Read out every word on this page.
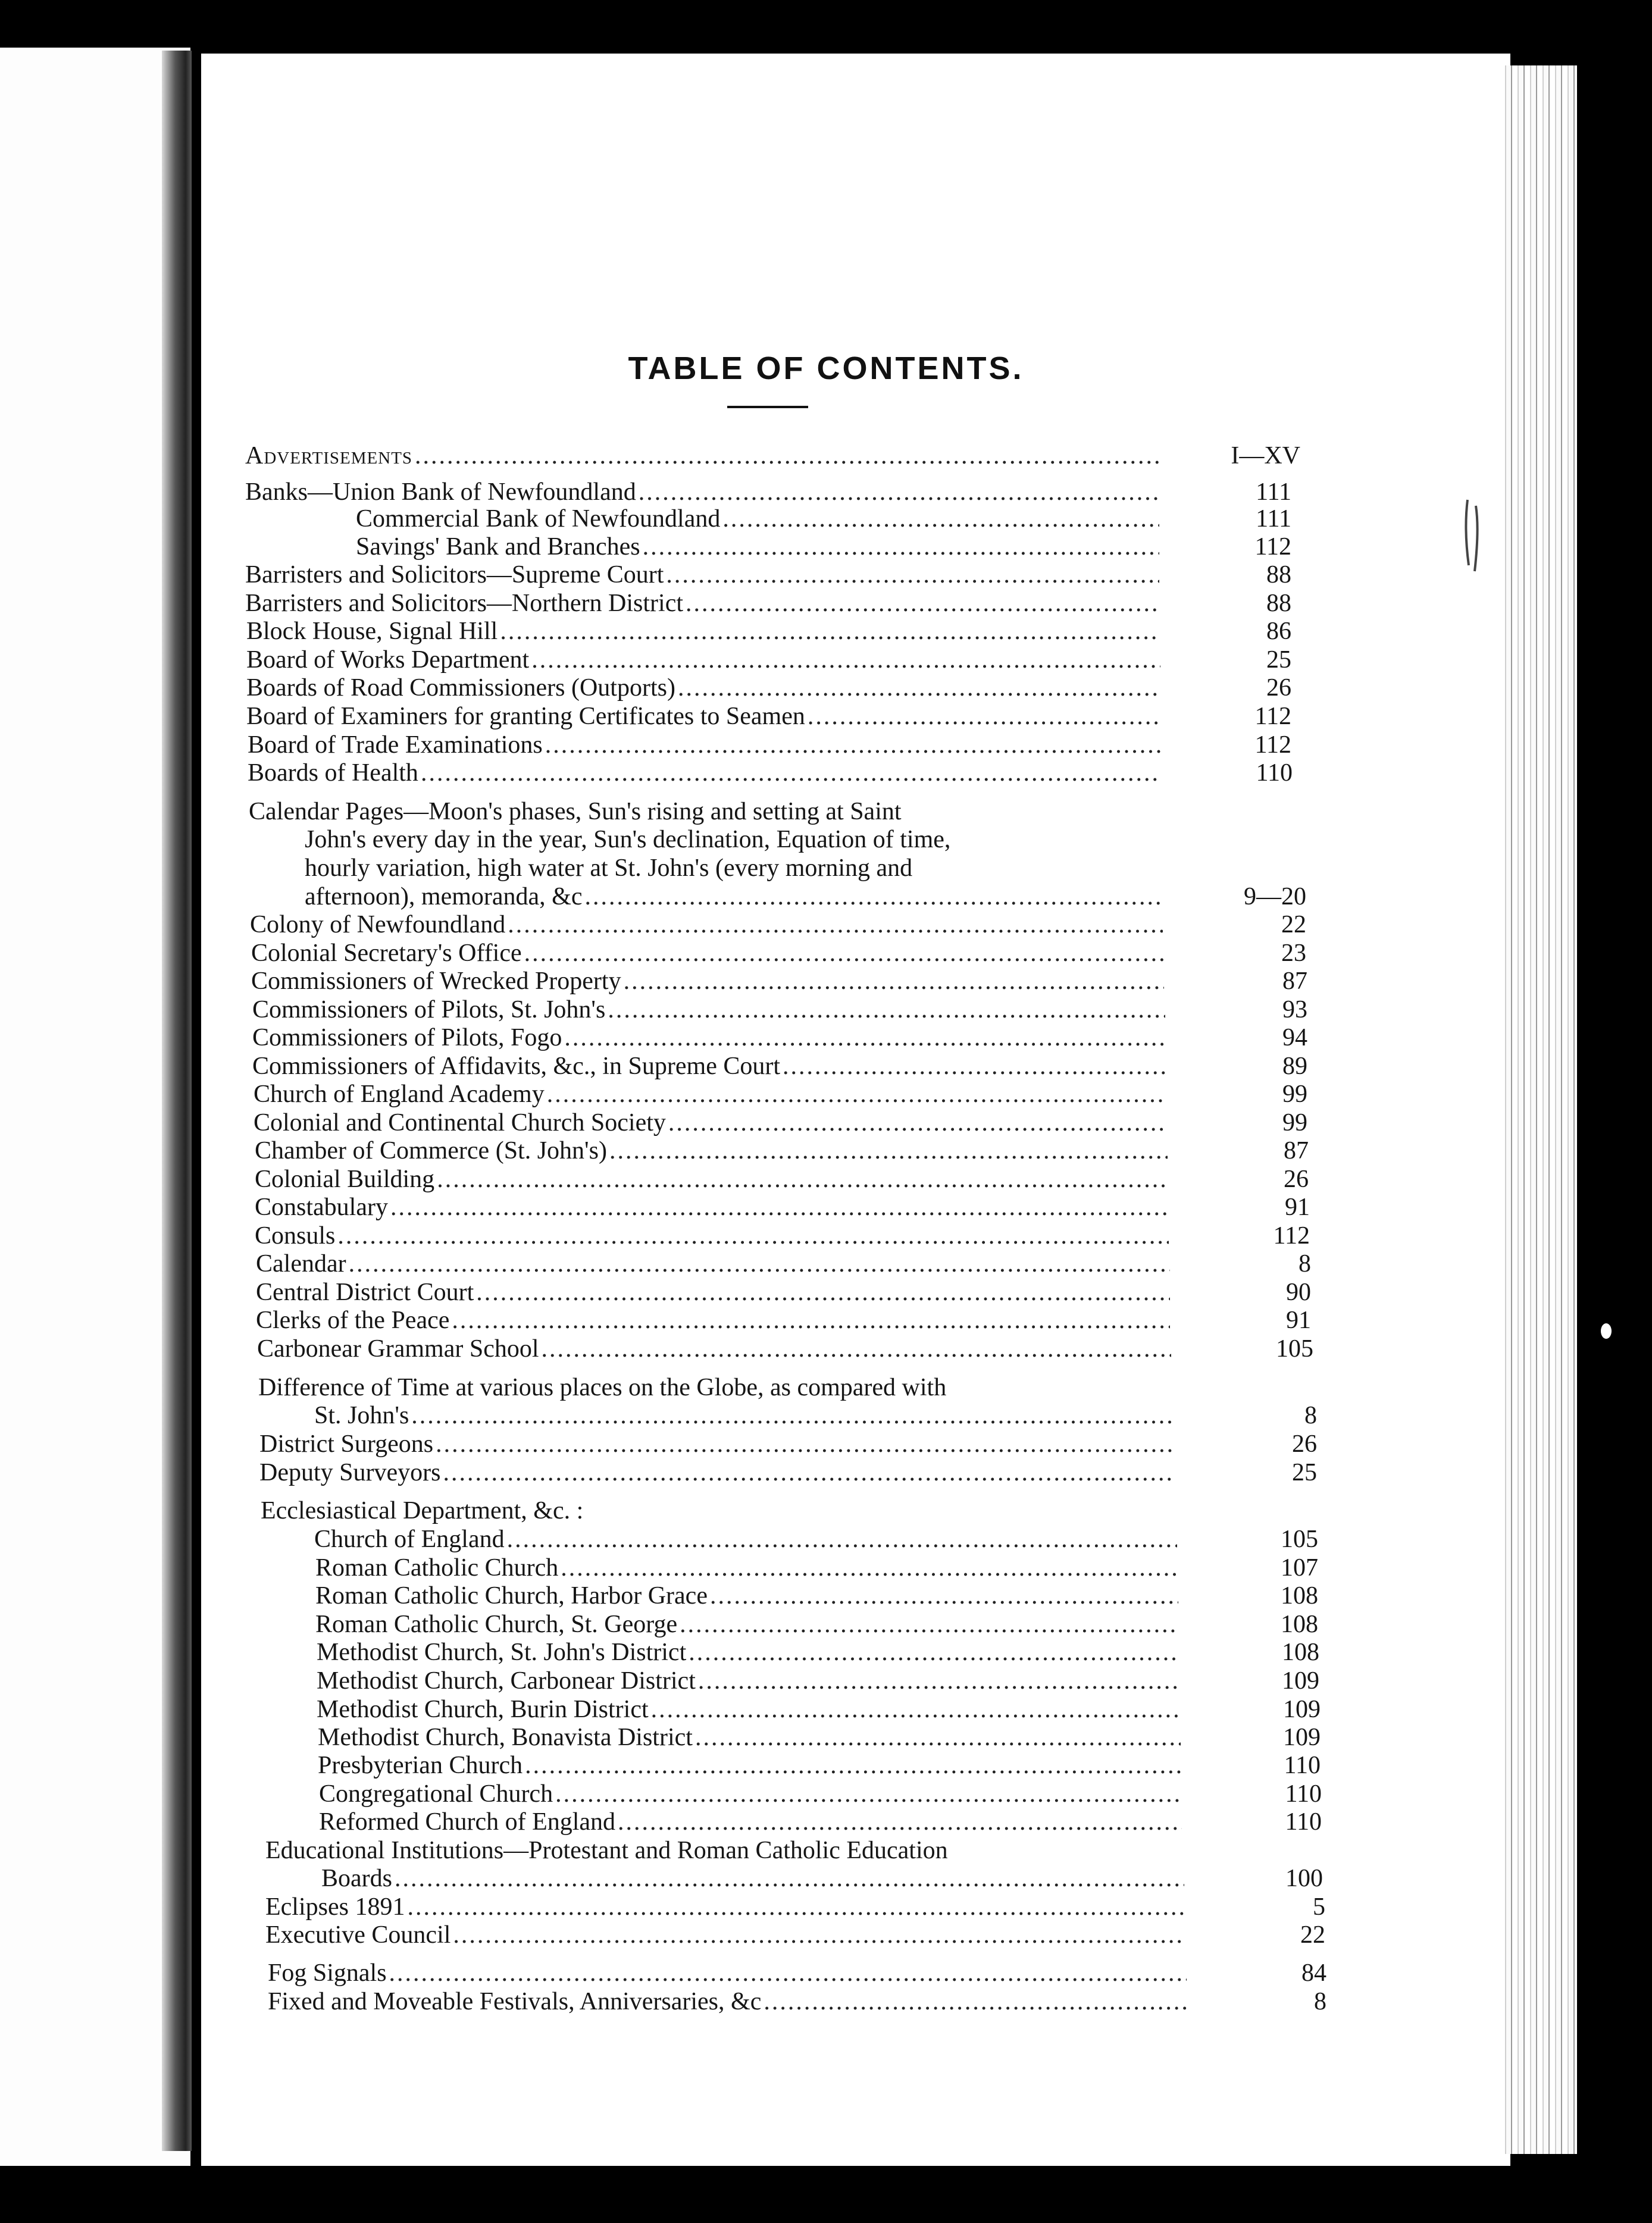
TABLE OF CONTENTS.
Advertisements .....	I—XV
Banks—Union Bank of Newfoundland .....	111
Commercial Bank of Newfoundland .....	111
Savings' Bank and Branches .....	112
Barristers and Solicitors—Supreme Court .....	88
Barristers and Solicitors—Northern District .....	88
Block House, Signal Hill .....	86
Board of Works Department .....	25
Boards of Road Commissioners (Outports) .....	26
Board of Examiners for granting Certificates to Seamen .....	112
Board of Trade Examinations .....	112
Boards of Health .....	110
Calendar Pages—Moon's phases, Sun's rising and setting at Saint
John's every day in the year, Sun's declination, Equation of time,
hourly variation, high water at St. John's (every morning and
afternoon), memoranda, &c .....	9—20
Colony of Newfoundland .....	22
Colonial Secretary's Office .....	23
Commissioners of Wrecked Property .....	87
Commissioners of Pilots, St. John's .....	93
Commissioners of Pilots, Fogo .....	94
Commissioners of Affidavits, &c., in Supreme Court .....	89
Church of England Academy .....	99
Colonial and Continental Church Society .....	99
Chamber of Commerce (St. John's) .....	87
Colonial Building .....	26
Constabulary .....	91
Consuls .....	112
Calendar .....	8
Central District Court .....	90
Clerks of the Peace .....	91
Carbonear Grammar School .....	105
Difference of Time at various places on the Globe, as compared with
St. John's .....	8
District Surgeons .....	26
Deputy Surveyors .....	25
Ecclesiastical Department, &c. :
Church of England .....	105
Roman Catholic Church .....	107
Roman Catholic Church, Harbor Grace .....	108
Roman Catholic Church, St. George .....	108
Methodist Church, St. John's District .....	108
Methodist Church, Carbonear District .....	109
Methodist Church, Burin District .....	109
Methodist Church, Bonavista District .....	109
Presbyterian Church .....	110
Congregational Church .....	110
Reformed Church of England .....	110
Educational Institutions—Protestant and Roman Catholic Education
Boards .....	100
Eclipses 1891 .....	5
Executive Council .....	22
Fog Signals .....	84
Fixed and Moveable Festivals, Anniversaries, &c .....	8
